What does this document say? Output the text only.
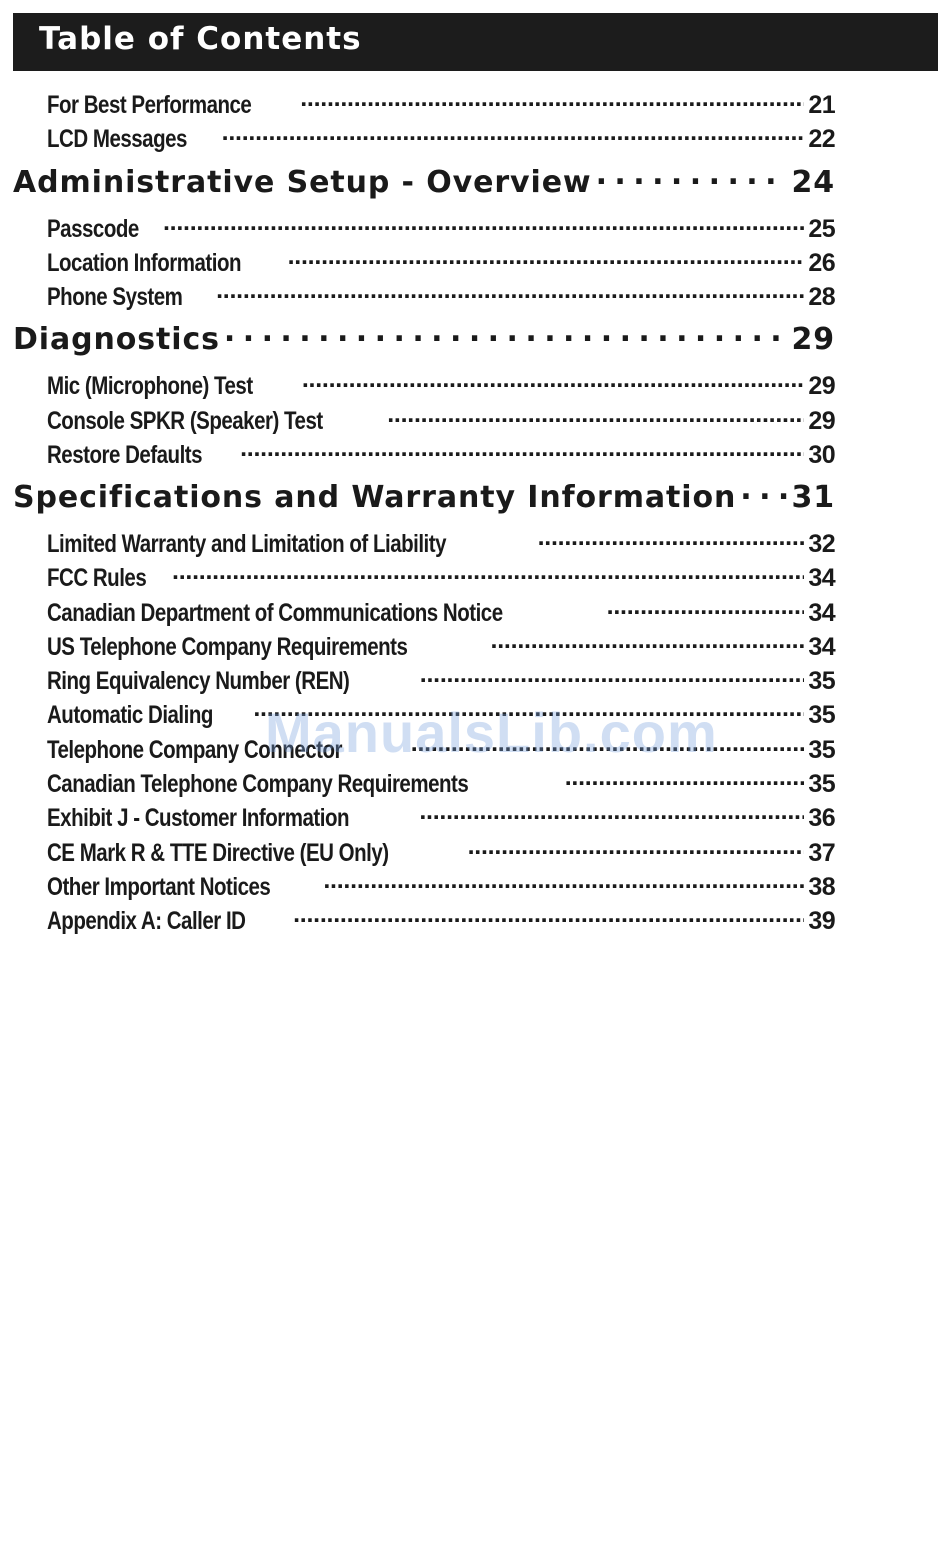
Table of Contents
For Best Performance . . .	21
LCD Messages . . .	22
Administrative Setup - Overview . . .	24
Passcode . . .	25
Location Information . . .	26
Phone System . . .	28
Diagnostics . . .	29
Mic (Microphone) Test . . .	29
Console SPKR (Speaker) Test . . .	29
Restore Defaults . . .	30
Specifications and Warranty Information . . . 31
Limited Warranty and Limitation of Liability . . .	32
FCC Rules . . .	34
Canadian Department of Communications Notice . . .	34
US Telephone Company Requirements . . .	34
Ring Equivalency Number (REN) . . .	35
Automatic Dialing . . .	35
Telephone Company Connector . . .	35
Canadian Telephone Company Requirements . . .	35
Exhibit J - Customer Information . . .	36
CE Mark R & TTE Directive (EU Only) . . .	37
Other Important Notices . . .	38
Appendix A: Caller ID . . .	39
ManualsLib.com
